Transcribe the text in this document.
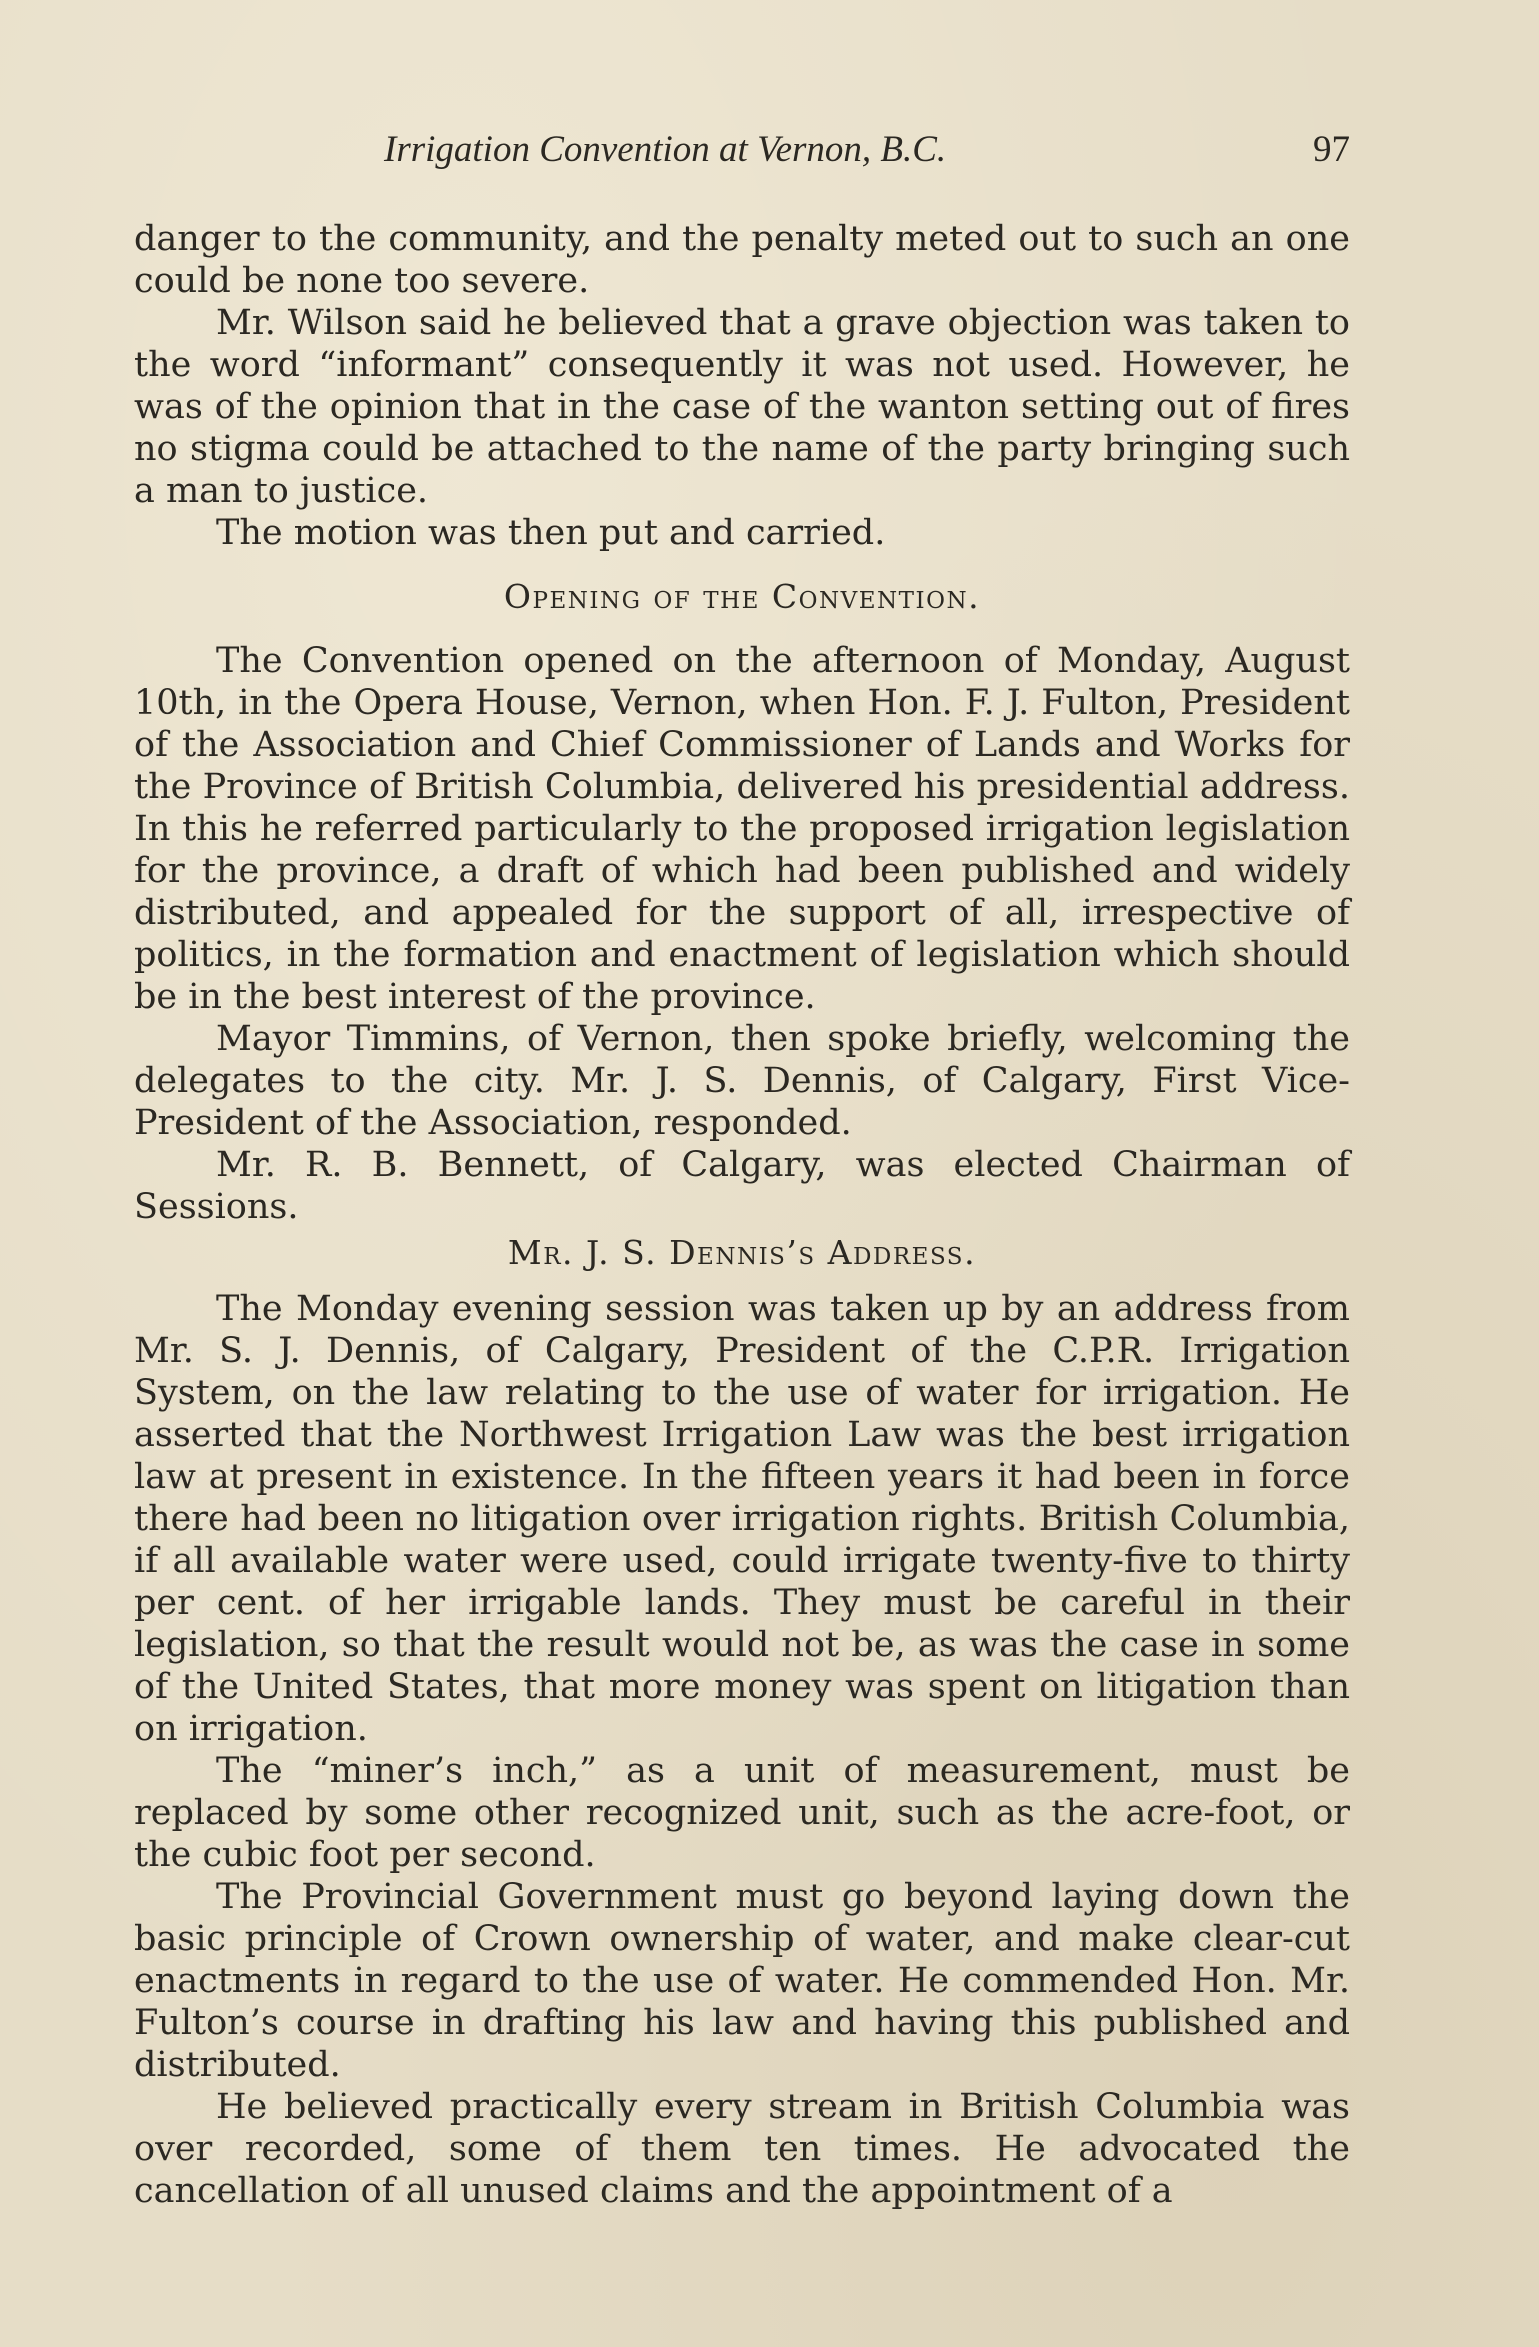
Irrigation Convention at Vernon, B.C.	97

danger to the community, and the penalty meted out to such an one could be none too severe.

Mr. Wilson said he believed that a grave objection was taken to the word “informant” consequently it was not used. However, he was of the opinion that in the case of the wanton setting out of fires no stigma could be attached to the name of the party bringing such a man to justice.

The motion was then put and carried.

Opening of the Convention.

The Convention opened on the afternoon of Monday, August 10th, in the Opera House, Vernon, when Hon. F. J. Fulton, President of the Association and Chief Commissioner of Lands and Works for the Province of British Columbia, delivered his presidential address. In this he referred particularly to the proposed irrigation legislation for the province, a draft of which had been published and widely distributed, and appealed for the support of all, irrespective of politics, in the formation and enactment of legislation which should be in the best interest of the province.

Mayor Timmins, of Vernon, then spoke briefly, welcoming the delegates to the city. Mr. J. S. Dennis, of Calgary, First Vice-President of the Association, responded.

Mr. R. B. Bennett, of Calgary, was elected Chairman of Sessions.

Mr. J. S. Dennis’s Address.

The Monday evening session was taken up by an address from Mr. S. J. Dennis, of Calgary, President of the C.P.R. Irrigation System, on the law relating to the use of water for irrigation. He asserted that the Northwest Irrigation Law was the best irrigation law at present in existence. In the fifteen years it had been in force there had been no litigation over irrigation rights. British Columbia, if all available water were used, could irrigate twenty-five to thirty per cent. of her irrigable lands. They must be careful in their legislation, so that the result would not be, as was the case in some of the United States, that more money was spent on litigation than on irrigation.

The “miner’s inch,” as a unit of measurement, must be replaced by some other recognized unit, such as the acre-foot, or the cubic foot per second.

The Provincial Government must go beyond laying down the basic principle of Crown ownership of water, and make clear-cut enactments in regard to the use of water. He commended Hon. Mr. Fulton’s course in drafting his law and having this published and distributed.

He believed practically every stream in British Columbia was over recorded, some of them ten times. He advocated the cancellation of all unused claims and the appointment of a
